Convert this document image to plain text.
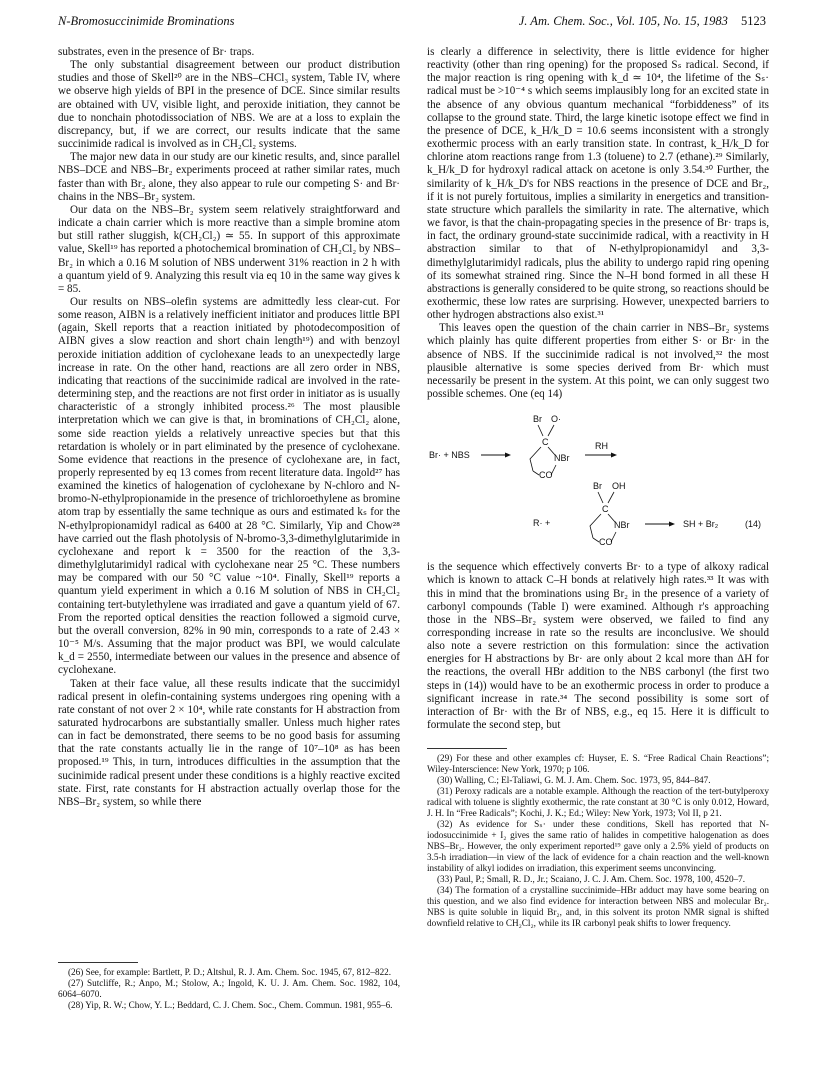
N-Bromosuccinimide Brominations	J. Am. Chem. Soc., Vol. 105, No. 15, 1983 5123

substrates, even in the presence of Br· traps.

The only substantial disagreement between our product distribution studies and those of Skell²⁰ are in the NBS–CHCl₃ system, Table IV, where we observe high yields of BPI in the presence of DCE. Since similar results are obtained with UV, visible light, and peroxide initiation, they cannot be due to nonchain photodissociation of NBS. We are at a loss to explain the discrepancy, but, if we are correct, our results indicate that the same succinimide radical is involved as in CH₂Cl₂ systems.

The major new data in our study are our kinetic results, and, since parallel NBS–DCE and NBS–Br₂ experiments proceed at rather similar rates, much faster than with Br₂ alone, they also appear to rule our competing S· and Br· chains in the NBS–Br₂ system.

Our data on the NBS–Br₂ system seem relatively straightforward and indicate a chain carrier which is more reactive than a simple bromine atom but still rather sluggish, k(CH₂Cl₂) ≃ 55. In support of this approximate value, Skell¹⁹ has reported a photochemical bromination of CH₂Cl₂ by NBS–Br₂ in which a 0.16 M solution of NBS underwent 31% reaction in 2 h with a quantum yield of 9. Analyzing this result via eq 10 in the same way gives k = 85.

Our results on NBS–olefin systems are admittedly less clear-cut. For some reason, AIBN is a relatively inefficient initiator and produces little BPI (again, Skell reports that a reaction initiated by photodecomposition of AIBN gives a slow reaction and short chain length¹⁹) and with benzoyl peroxide initiation addition of cyclohexane leads to an unexpectedly large increase in rate. On the other hand, reactions are all zero order in NBS, indicating that reactions of the succinimide radical are involved in the rate-determining step, and the reactions are not first order in initiator as is usually characteristic of a strongly inhibited process.²⁶ The most plausible interpretation which we can give is that, in brominations of CH₂Cl₂ alone, some side reaction yields a relatively unreactive species but that this retardation is wholely or in part eliminated by the presence of cyclohexane. Some evidence that reactions in the presence of cyclohexane are, in fact, properly represented by eq 13 comes from recent literature data. Ingold²⁷ has examined the kinetics of halogenation of cyclohexane by N-chloro and N-bromo-N-ethylpropionamide in the presence of trichloroethylene as bromine atom trap by essentially the same technique as ours and estimated kₛ for the N-ethylpropionamidyl radical as 6400 at 28 °C. Similarly, Yip and Chow²⁸ have carried out the flash photolysis of N-bromo-3,3-dimethylglutarimide in cyclohexane and report k = 3500 for the reaction of the 3,3-dimethylglutarimidyl radical with cyclohexane near 25 °C. These numbers may be compared with our 50 °C value ~10⁴. Finally, Skell¹⁹ reports a quantum yield experiment in which a 0.16 M solution of NBS in CH₂Cl₂ containing tert-butylethylene was irradiated and gave a quantum yield of 67. From the reported optical densities the reaction followed a sigmoid curve, but the overall conversion, 82% in 90 min, corresponds to a rate of 2.43 × 10⁻⁵ M/s. Assuming that the major product was BPI, we would calculate k_d = 2550, intermediate between our values in the presence and absence of cyclohexane.

Taken at their face value, all these results indicate that the succimidyl radical present in olefin-containing systems undergoes ring opening with a rate constant of not over 2 × 10⁴, while rate constants for H abstraction from saturated hydrocarbons are substantially smaller. Unless much higher rates can in fact be demonstrated, there seems to be no good basis for assuming that the rate constants actually lie in the range of 10⁷–10⁸ as has been proposed.¹⁹ This, in turn, introduces difficulties in the assumption that the sucinimide radical present under these conditions is a highly reactive excited state. First, rate constants for H abstraction actually overlap those for the NBS–Br₂ system, so while there

(26) See, for example: Bartlett, P. D.; Altshul, R. J. Am. Chem. Soc. 1945, 67, 812–822.

(27) Sutcliffe, R.; Anpo, M.; Stolow, A.; Ingold, K. U. J. Am. Chem. Soc. 1982, 104, 6064–6070.

(28) Yip, R. W.; Chow, Y. L.; Beddard, C. J. Chem. Soc., Chem. Commun. 1981, 955–6.

is clearly a difference in selectivity, there is little evidence for higher reactivity (other than ring opening) for the proposed Sₛ radical. Second, if the major reaction is ring opening with k_d ≃ 10⁴, the lifetime of the Sₛ· radical must be >10⁻⁴ s which seems implausibly long for an excited state in the absence of any obvious quantum mechanical “forbiddeness” of its collapse to the ground state. Third, the large kinetic isotope effect we find in the presence of DCE, k_H/k_D = 10.6 seems inconsistent with a strongly exothermic process with an early transition state. In contrast, k_H/k_D for chlorine atom reactions range from 1.3 (toluene) to 2.7 (ethane).²⁹ Similarly, k_H/k_D for hydroxyl radical attack on acetone is only 3.54.³⁰ Further, the similarity of k_H/k_D's for NBS reactions in the presence of DCE and Br₂, if it is not purely fortuitous, implies a similarity in energetics and transition-state structure which parallels the similarity in rate. The alternative, which we favor, is that the chain-propagating species in the presence of Br· traps is, in fact, the ordinary ground-state succinimide radical, with a reactivity in H abstraction similar to that of N-ethylpropionamidyl and 3,3-dimethylglutarimidyl radicals, plus the ability to undergo rapid ring opening of its somewhat strained ring. Since the N–H bond formed in all these H abstractions is generally considered to be quite strong, so reactions should be exothermic, these low rates are surprising. However, unexpected barriers to other hydrogen abstractions also exist.³¹

This leaves open the question of the chain carrier in NBS–Br₂ systems which plainly has quite different properties from either S· or Br· in the absence of NBS. If the succinimide radical is not involved,³² the most plausible alternative is some species derived from Br· which must necessarily be present in the system. At this point, we can only suggest two possible schemes. One (eq 14)

Br· + NBS
Br O·
C
NBr
CO
RH
R· +
Br OH
C
NBr
CO
SH + Br₂	(14)

is the sequence which effectively converts Br· to a type of alkoxy radical which is known to attack C–H bonds at relatively high rates.³³ It was with this in mind that the brominations using Br₂ in the presence of a variety of carbonyl compounds (Table I) were examined. Although r's approaching those in the NBS–Br₂ system were observed, we failed to find any corresponding increase in rate so the results are inconclusive. We should also note a severe restriction on this formulation: since the activation energies for H abstractions by Br· are only about 2 kcal more than ΔH for the reactions, the overall HBr addition to the NBS carbonyl (the first two steps in (14)) would have to be an exothermic process in order to produce a significant increase in rate.³⁴ The second possibility is some sort of interaction of Br· with the Br of NBS, e.g., eq 15. Here it is difficult to formulate the second step, but

(29) For these and other examples cf: Huyser, E. S. “Free Radical Chain Reactions”; Wiley-Interscience: New York, 1970; p 106.

(30) Walling, C.; El-Taliawi, G. M. J. Am. Chem. Soc. 1973, 95, 844–847.

(31) Peroxy radicals are a notable example. Although the reaction of the tert-butylperoxy radical with toluene is slightly exothermic, the rate constant at 30 °C is only 0.012, Howard, J. H. In “Free Radicals”; Kochi, J. K.; Ed.; Wiley: New York, 1973; Vol II, p 21.

(32) As evidence for Sₛ· under these conditions, Skell has reported that N-iodosuccinimide + I₂ gives the same ratio of halides in competitive halogenation as does NBS–Br₂. However, the only experiment reported¹⁹ gave only a 2.5% yield of products on 3.5-h irradiation—in view of the lack of evidence for a chain reaction and the well-known instability of alkyl iodides on irradiation, this experiment seems unconvincing.

(33) Paul, P.; Small, R. D., Jr.; Scaiano, J. C. J. Am. Chem. Soc. 1978, 100, 4520–7.

(34) The formation of a crystalline succinimide–HBr adduct may have some bearing on this question, and we also find evidence for interaction between NBS and molecular Br₂. NBS is quite soluble in liquid Br₂, and, in this solvent its proton NMR signal is shifted downfield relative to CH₂Cl₂, while its IR carbonyl peak shifts to lower frequency.
